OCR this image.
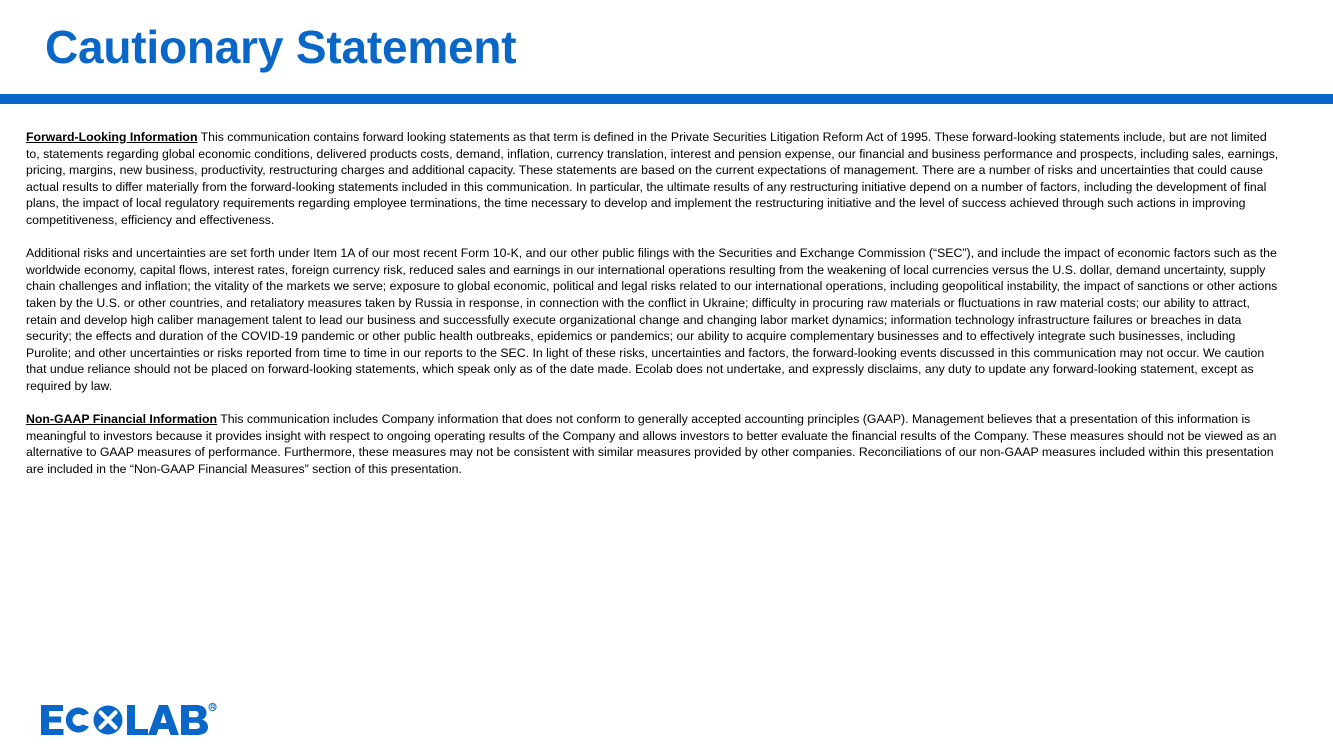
Cautionary Statement

Forward-Looking Information This communication contains forward looking statements as that term is defined in the Private Securities Litigation Reform Act of 1995. These forward-looking statements include, but are not limited to, statements regarding global economic conditions, delivered products costs, demand, inflation, currency translation, interest and pension expense, our financial and business performance and prospects, including sales, earnings, pricing, margins, new business, productivity, restructuring charges and additional capacity. These statements are based on the current expectations of management. There are a number of risks and uncertainties that could cause actual results to differ materially from the forward-looking statements included in this communication. In particular, the ultimate results of any restructuring initiative depend on a number of factors, including the development of final plans, the impact of local regulatory requirements regarding employee terminations, the time necessary to develop and implement the restructuring initiative and the level of success achieved through such actions in improving competitiveness, efficiency and effectiveness.

Additional risks and uncertainties are set forth under Item 1A of our most recent Form 10-K, and our other public filings with the Securities and Exchange Commission (“SEC”), and include the impact of economic factors such as the worldwide economy, capital flows, interest rates, foreign currency risk, reduced sales and earnings in our international operations resulting from the weakening of local currencies versus the U.S. dollar, demand uncertainty, supply chain challenges and inflation; the vitality of the markets we serve; exposure to global economic, political and legal risks related to our international operations, including geopolitical instability, the impact of sanctions or other actions taken by the U.S. or other countries, and retaliatory measures taken by Russia in response, in connection with the conflict in Ukraine; difficulty in procuring raw materials or fluctuations in raw material costs; our ability to attract, retain and develop high caliber management talent to lead our business and successfully execute organizational change and changing labor market dynamics; information technology infrastructure failures or breaches in data security; the effects and duration of the COVID-19 pandemic or other public health outbreaks, epidemics or pandemics; our ability to acquire complementary businesses and to effectively integrate such businesses, including Purolite; and other uncertainties or risks reported from time to time in our reports to the SEC. In light of these risks, uncertainties and factors, the forward-looking events discussed in this communication may not occur. We caution that undue reliance should not be placed on forward-looking statements, which speak only as of the date made. Ecolab does not undertake, and expressly disclaims, any duty to update any forward-looking statement, except as required by law.

Non-GAAP Financial Information This communication includes Company information that does not conform to generally accepted accounting principles (GAAP). Management believes that a presentation of this information is meaningful to investors because it provides insight with respect to ongoing operating results of the Company and allows investors to better evaluate the financial results of the Company. These measures should not be viewed as an alternative to GAAP measures of performance. Furthermore, these measures may not be consistent with similar measures provided by other companies. Reconciliations of our non-GAAP measures included within this presentation are included in the “Non-GAAP Financial Measures” section of this presentation.
